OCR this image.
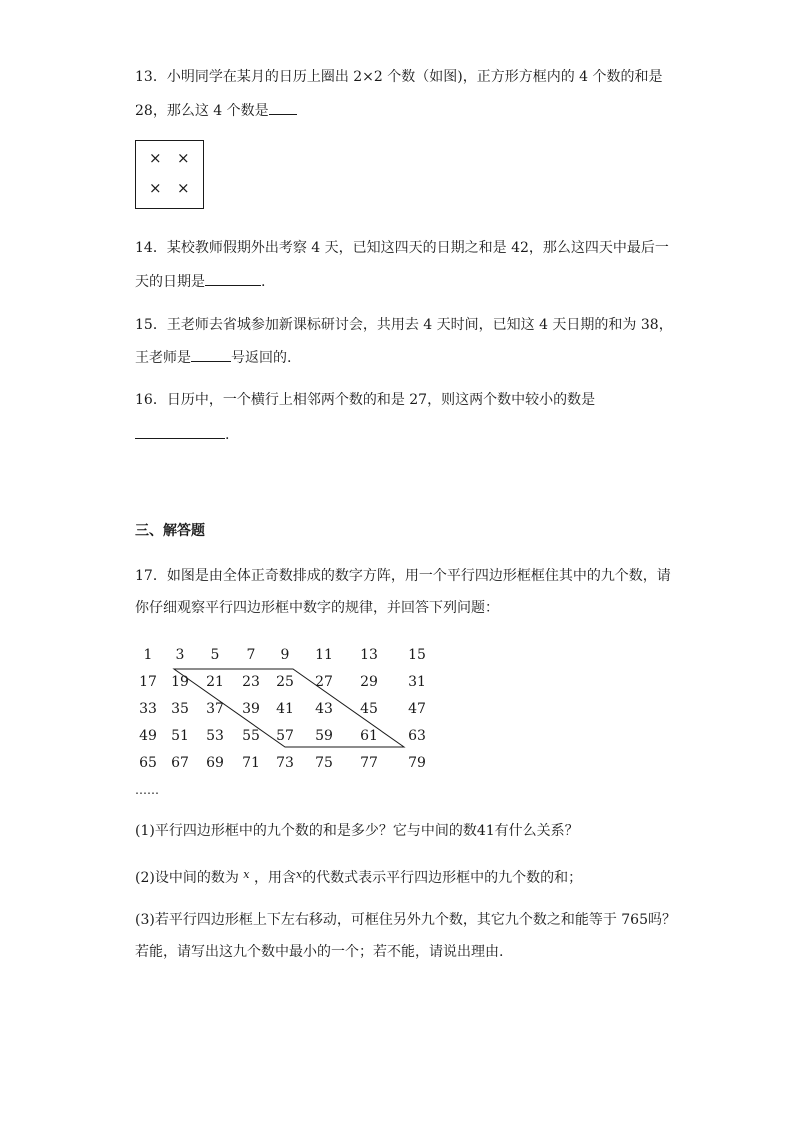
13．小明同学在某月的日历上圈出 2×2 个数（如图)，正方形方框内的 4 个数的和是
28，那么这 4 个数是
× ×
× ×
14．某校教师假期外出考察 4 天，已知这四天的日期之和是 42，那么这四天中最后一
天的日期是	.
15．王老师去省城参加新课标研讨会，共用去 4 天时间，已知这 4 天日期的和为 38，
王老师是	号返回的.
16．日历中，一个横行上相邻两个数的和是 27，则这两个数中较小的数是
.
三、解答题
17．如图是由全体正奇数排成的数字方阵，用一个平行四边形框框住其中的九个数，请
你仔细观察平行四边形框中数字的规律，并回答下列问题：
1	3	5	7	9	11	13	15
17	19	21	23	25	27	29	31
33	35	37	39	41	43	45	47
49	51	53	55	57	59	61	63
65	67	69	71	73	75	77	79
……
(1)平行四边形框中的九个数的和是多少？它与中间的数41有什么关系？
(2)设中间的数为 $^x$ ，用含$^x$的代数式表示平行四边形框中的九个数的和；
(3)若平行四边形框上下左右移动，可框住另外九个数，其它九个数之和能等于 765吗？
若能，请写出这九个数中最小的一个；若不能，请说出理由.
